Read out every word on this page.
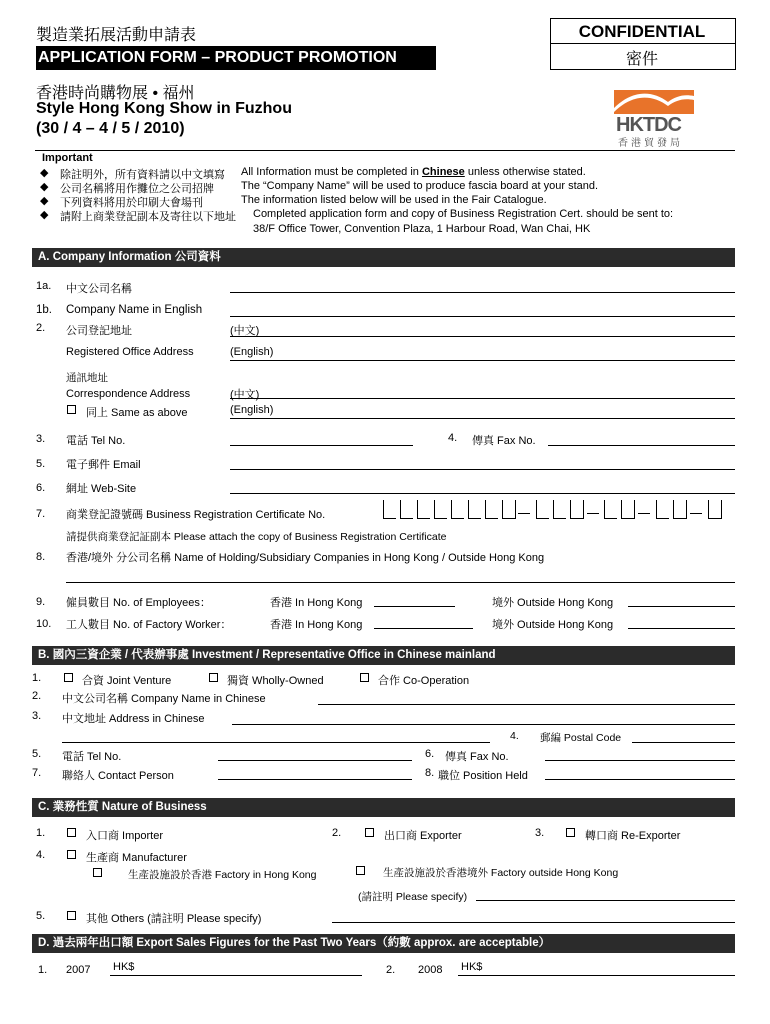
製造業拓展活動申請表
APPLICATION FORM – PRODUCT PROMOTION
CONFIDENTIAL
密件
香港時尚購物展 • 福州
Style Hong Kong Show in Fuzhou
(30 / 4 – 4 / 5 / 2010)	HKTDC
香港貿發局
Important
◆ 除註明外，所有資料請以中文填寫 All Information must be completed in Chinese unless otherwise stated.
◆ 公司名稱將用作攤位之公司招牌 The “Company Name” will be used to produce fascia board at your stand.
◆ 下列資料將用於印刷大會場刊	The information listed below will be used in the Fair Catalogue.
◆ 請附上商業登記副本及寄往以下地址 Completed application form and copy of Business Registration Cert. should be sent to:
38/F Office Tower, Convention Plaza, 1 Harbour Road, Wan Chai, HK
A. Company Information 公司資料
1a. 中文公司名稱
1b. Company Name in English
2. 公司登記地址	(中文)
Registered Office Address	(English)
通訊地址
Correspondence Address	(中文)
同上 Same as above	(English)
3. 電話 Tel No.	4. 傳真 Fax No.
5. 電子郵件 Email
6. 網址 Web-Site
7. 商業登記證號碼 Business Registration Certificate No.
請提供商業登記証副本 Please attach the copy of Business Registration Certificate
8. 香港/境外 分公司名稱 Name of Holding/Subsidiary Companies in Hong Kong / Outside Hong Kong
9. 僱員數目 No. of Employees：	香港 In Hong Kong	境外 Outside Hong Kong
10. 工人數目 No. of Factory Worker：	香港 In Hong Kong	境外 Outside Hong Kong
B. 國內三資企業 / 代表辦事處 Investment / Representative Office in Chinese mainland
1.	合資 Joint Venture	獨資 Wholly-Owned	合作 Co-Operation
2. 中文公司名稱 Company Name in Chinese
3. 中文地址 Address in Chinese
4. 郵編 Postal Code
5. 電話 Tel No.	6. 傳真 Fax No.
7. 聯絡人 Contact Person	8. 職位 Position Held
C. 業務性質 Nature of Business
1.	入口商 Importer	2.	出口商 Exporter	3.	轉口商 Re-Exporter
4.	生產商 Manufacturer
生產設施設於香港 Factory in Hong Kong	生產設施設於香港境外 Factory outside Hong Kong
(請註明 Please specify)
5.	其他 Others (請註明 Please specify)
D. 過去兩年出口額 Export Sales Figures for the Past Two Years（約數 approx. are acceptable）
1. 2007 HK$	2. 2008 HK$
